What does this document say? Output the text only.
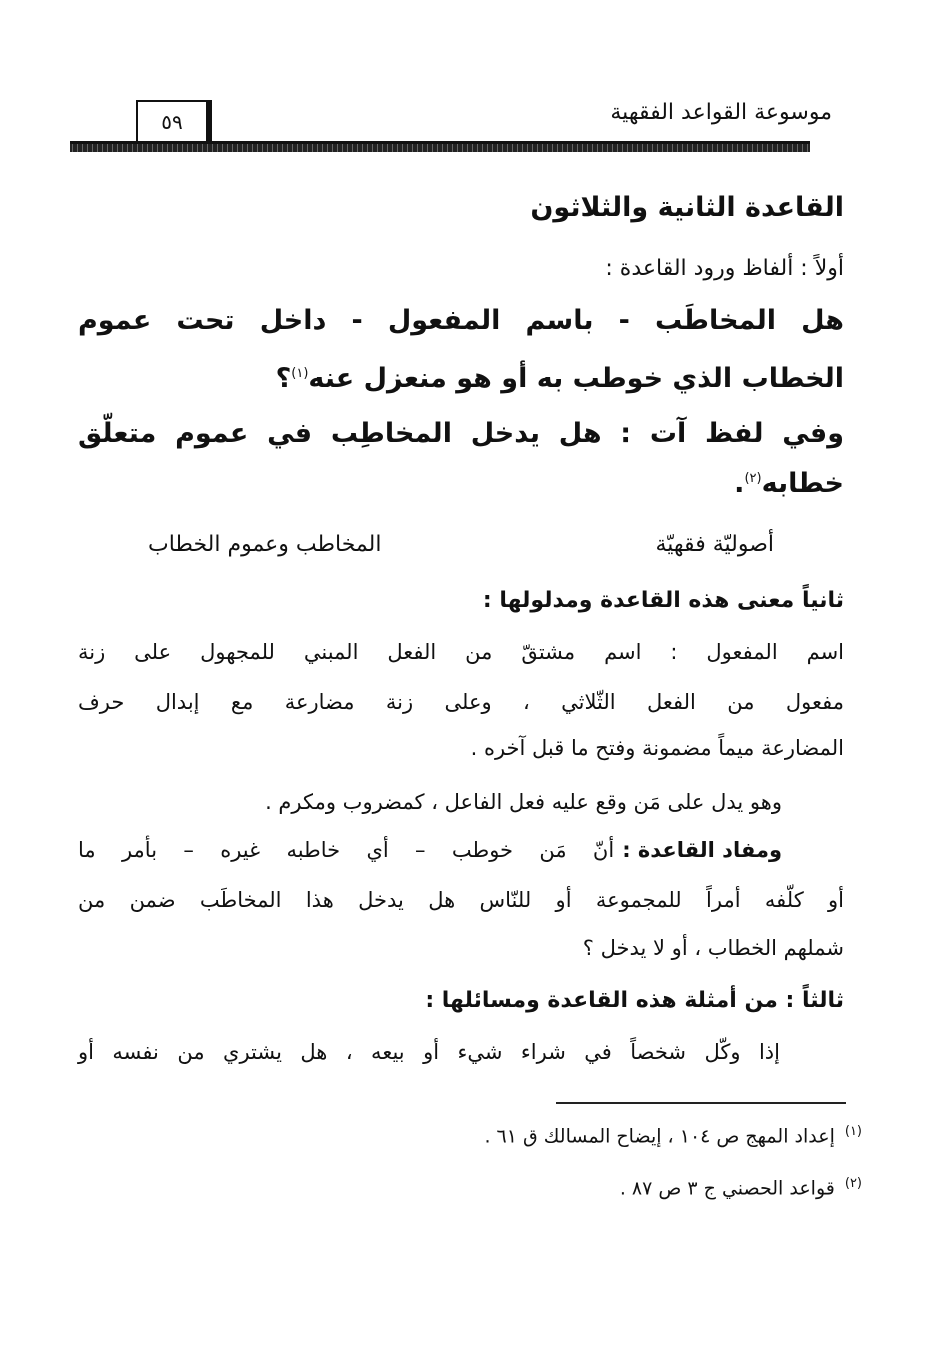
موسوعة القواعد الفقهية
٥٩
القاعدة الثانية والثلاثون
أولاً : ألفاظ ورود القاعدة :
هل المخاطَب - باسم المفعول - داخل تحت عموم
الخطاب الذي خوطب به أو هو منعزل عنه$^{(١)}$؟
وفي لفظ آت : هل يدخل المخاطِب في عموم متعلّق
خطابه$^{(٢)}$.
أصوليّة فقهيّة
المخاطب وعموم الخطاب
ثانياً معنى هذه القاعدة ومدلولها :
اسم المفعول : اسم مشتقّ من الفعل المبني للمجهول على زنة
مفعول من الفعل الثّلاثي ، وعلى زنة مضارعة مع إبدال حرف
المضارعة ميماً مضمونة وفتح ما قبل آخره .
وهو يدل على مَن وقع عليه فعل الفاعل ، كمضروب ومكرم .
ومفاد القاعدة :
أنّ مَن خوطب – أي خاطبه غيره – بأمر ما
أو كلّفه أمراً للمجموعة أو للنّاس هل يدخل هذا المخاطَب ضمن من
شملهم الخطاب ، أو لا يدخل ؟
ثالثاً : من أمثلة هذه القاعدة ومسائلها :
إذا وكّل شخصاً في شراء شيء أو بيعه ، هل يشتري من نفسه أو
$^{(١)}$إعداد المهج ص ١٠٤ ، إيضاح المسالك ق ٦١ .
$^{(٢)}$قواعد الحصني ج ٣ ص ٨٧ .
